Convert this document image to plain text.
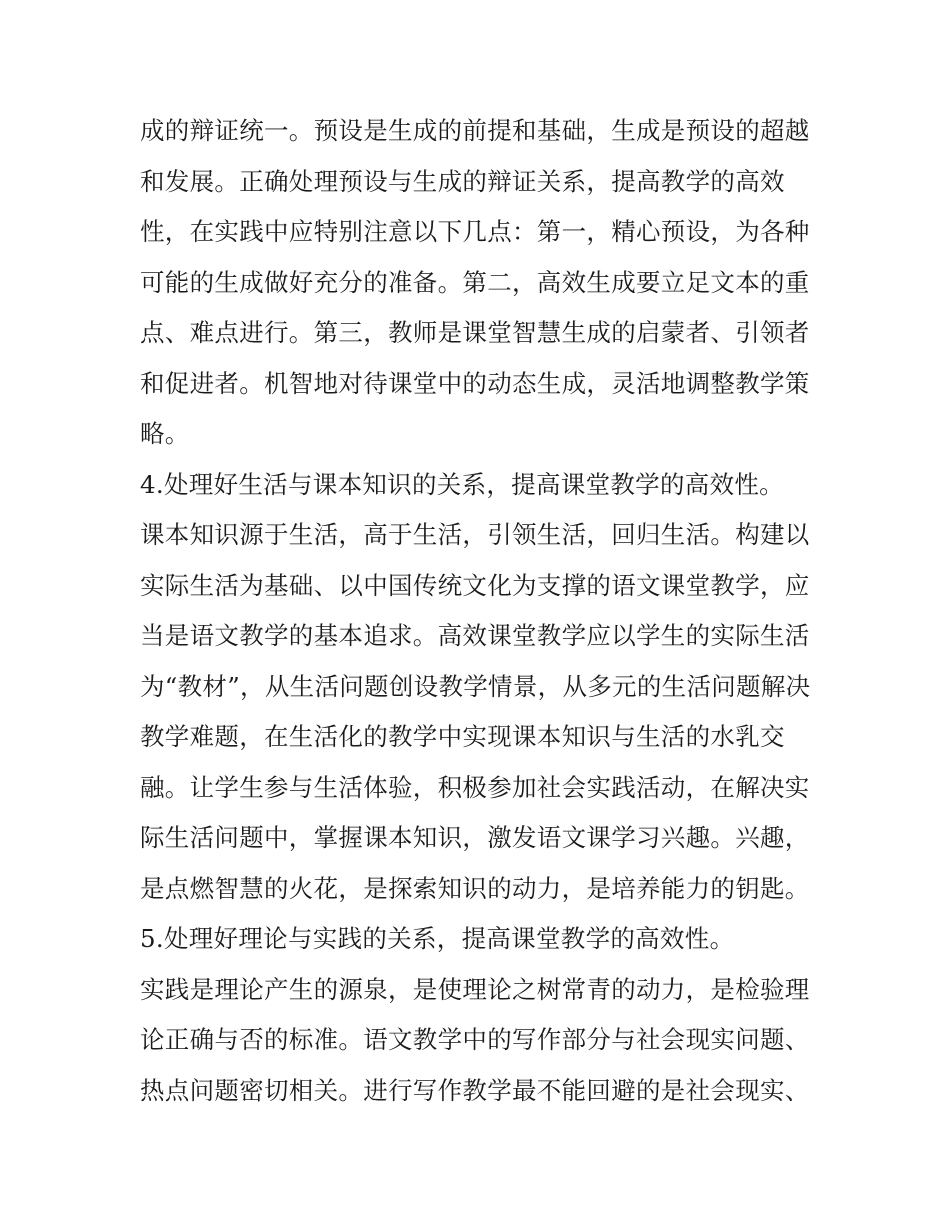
成的辩证统一。预设是生成的前提和基础，生成是预设的超越
和发展。正确处理预设与生成的辩证关系，提高教学的高效
性，在实践中应特别注意以下几点：第一，精心预设，为各种
可能的生成做好充分的准备。第二，高效生成要立足文本的重
点、难点进行。第三，教师是课堂智慧生成的启蒙者、引领者
和促进者。机智地对待课堂中的动态生成，灵活地调整教学策
略。
4.处理好生活与课本知识的关系，提高课堂教学的高效性。
课本知识源于生活，高于生活，引领生活，回归生活。构建以
实际生活为基础、以中国传统文化为支撑的语文课堂教学，应
当是语文教学的基本追求。高效课堂教学应以学生的实际生活
为“教材”，从生活问题创设教学情景，从多元的生活问题解决
教学难题，在生活化的教学中实现课本知识与生活的水乳交
融。让学生参与生活体验，积极参加社会实践活动，在解决实
际生活问题中，掌握课本知识，激发语文课学习兴趣。兴趣，
是点燃智慧的火花，是探索知识的动力，是培养能力的钥匙。
5.处理好理论与实践的关系，提高课堂教学的高效性。
实践是理论产生的源泉，是使理论之树常青的动力，是检验理
论正确与否的标准。语文教学中的写作部分与社会现实问题、
热点问题密切相关。进行写作教学最不能回避的是社会现实、
